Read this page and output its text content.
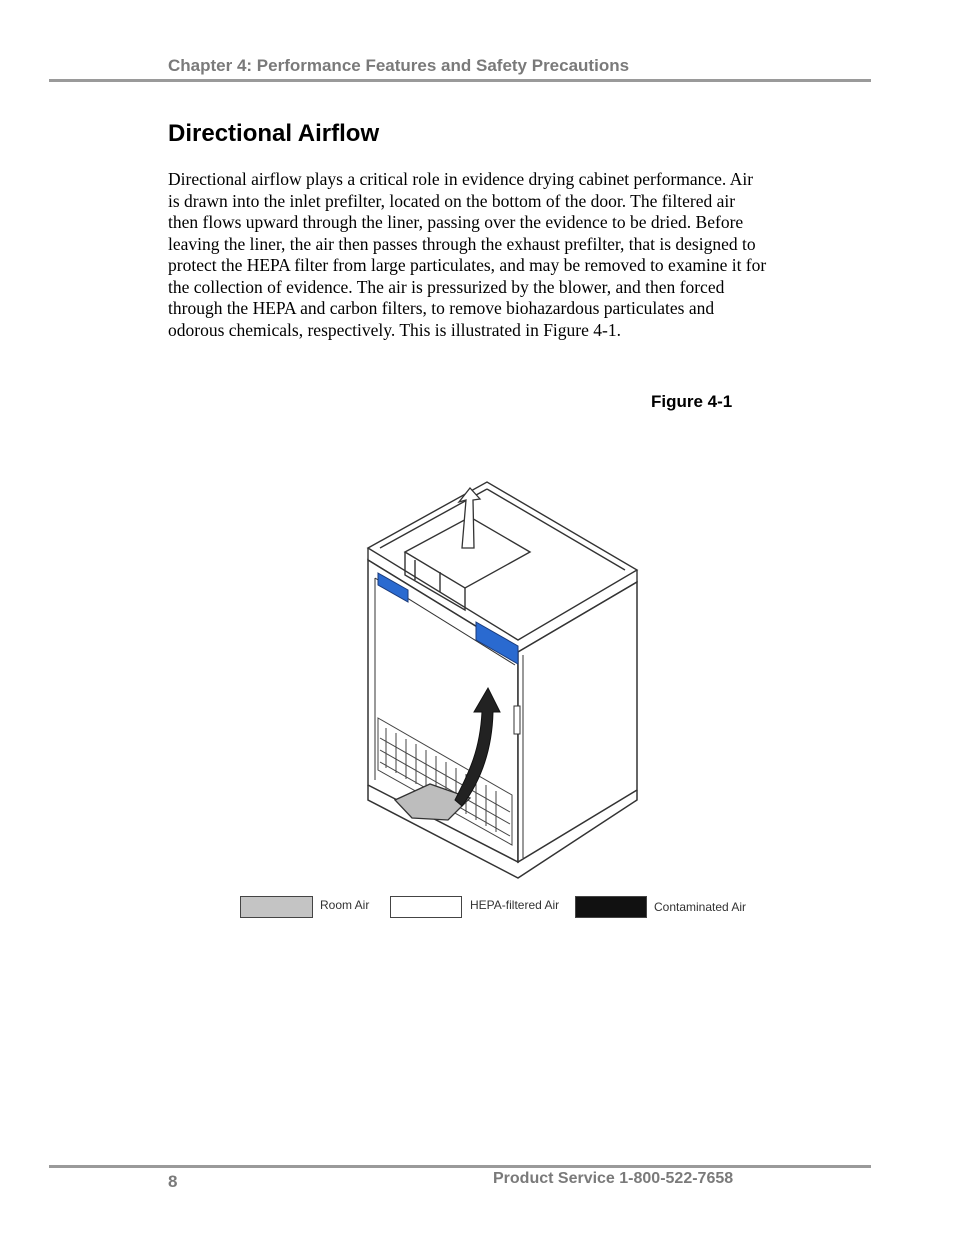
Chapter 4: Performance Features and Safety Precautions
Directional Airflow

Directional airflow plays a critical role in evidence drying cabinet performance. Air is drawn into the inlet prefilter, located on the bottom of the door. The filtered air then flows upward through the liner, passing over the evidence to be dried. Before leaving the liner, the air then passes through the exhaust prefilter, that is designed to protect the HEPA filter from large particulates, and may be removed to examine it for the collection of evidence. The air is pressurized by the blower, and then forced through the HEPA and carbon filters, to remove biohazardous particulates and odorous chemicals, respectively. This is illustrated in Figure 4-1.

Figure 4-1
Room Air	HEPA-filtered Air	Contaminated Air
8	Product Service 1-800-522-7658
